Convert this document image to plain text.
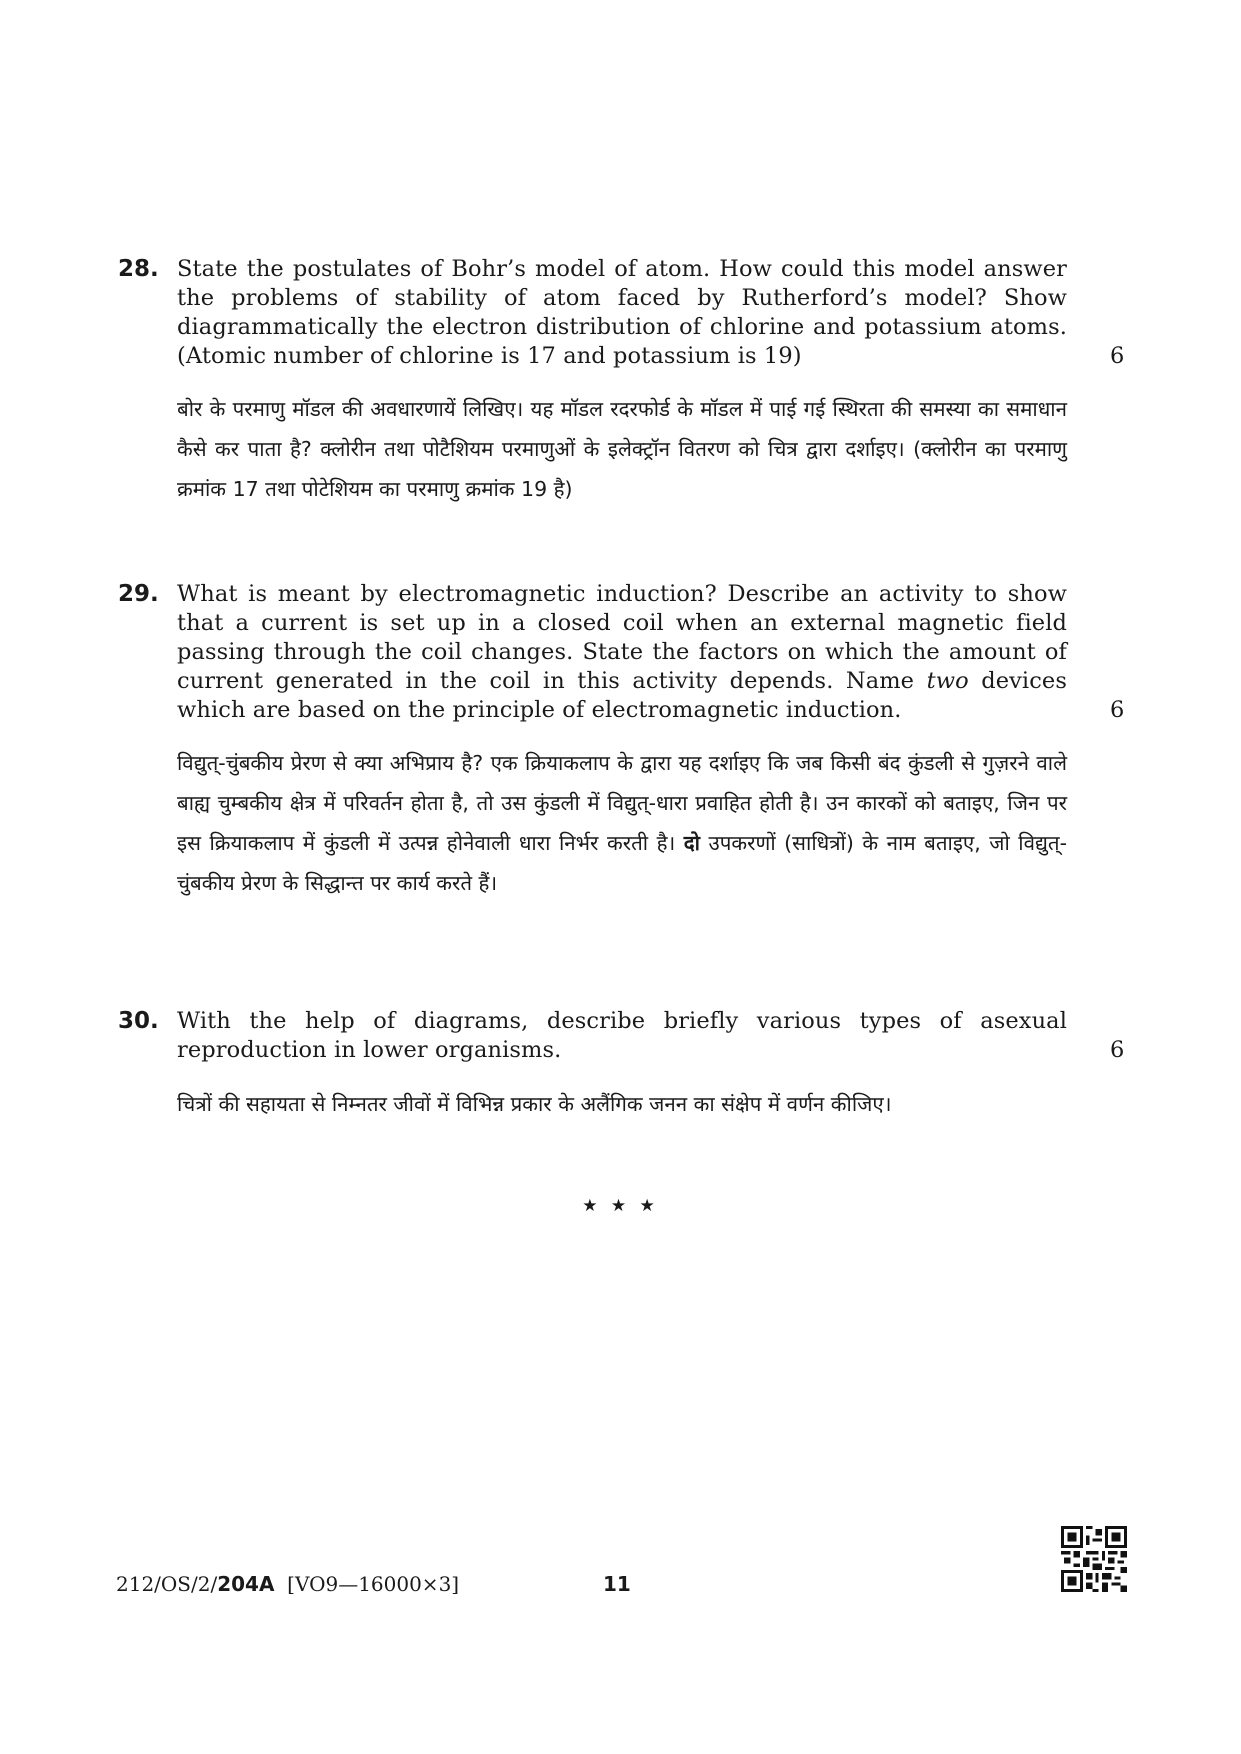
28. State the postulates of Bohr’s model of atom. How could this model answer the problems of stability of atom faced by Rutherford’s model? Show diagrammatically the electron distribution of chlorine and potassium atoms. (Atomic number of chlorine is 17 and potassium is 19)	6

बोर के परमाणु मॉडल की अवधारणायें लिखिए। यह मॉडल रदरफोर्ड के मॉडल में पाई गई स्थिरता की समस्या का समाधान कैसे कर पाता है? क्लोरीन तथा पोटैशियम परमाणुओं के इलेक्ट्रॉन वितरण को चित्र द्वारा दर्शाइए। (क्लोरीन का परमाणु क्रमांक 17 तथा पोटेशियम का परमाणु क्रमांक 19 है)

29. What is meant by electromagnetic induction? Describe an activity to show that a current is set up in a closed coil when an external magnetic field passing through the coil changes. State the factors on which the amount of current generated in the coil in this activity depends. Name two devices which are based on the principle of electromagnetic induction.	6

विद्युत्-चुंबकीय प्रेरण से क्या अभिप्राय है? एक क्रियाकलाप के द्वारा यह दर्शाइए कि जब किसी बंद कुंडली से गुज़रने वाले बाह्य चुम्बकीय क्षेत्र में परिवर्तन होता है, तो उस कुंडली में विद्युत्-धारा प्रवाहित होती है। उन कारकों को बताइए, जिन पर इस क्रियाकलाप में कुंडली में उत्पन्न होनेवाली धारा निर्भर करती है। दो उपकरणों (साधित्रों) के नाम बताइए, जो विद्युत्-चुंबकीय प्रेरण के सिद्धान्त पर कार्य करते हैं।

30. With the help of diagrams, describe briefly various types of asexual reproduction in lower organisms.	6

चित्रों की सहायता से निम्नतर जीवों में विभिन्न प्रकार के अलैंगिक जनन का संक्षेप में वर्णन कीजिए।

★ ★ ★
212/OS/2/204A [VO9—16000×3]	11
